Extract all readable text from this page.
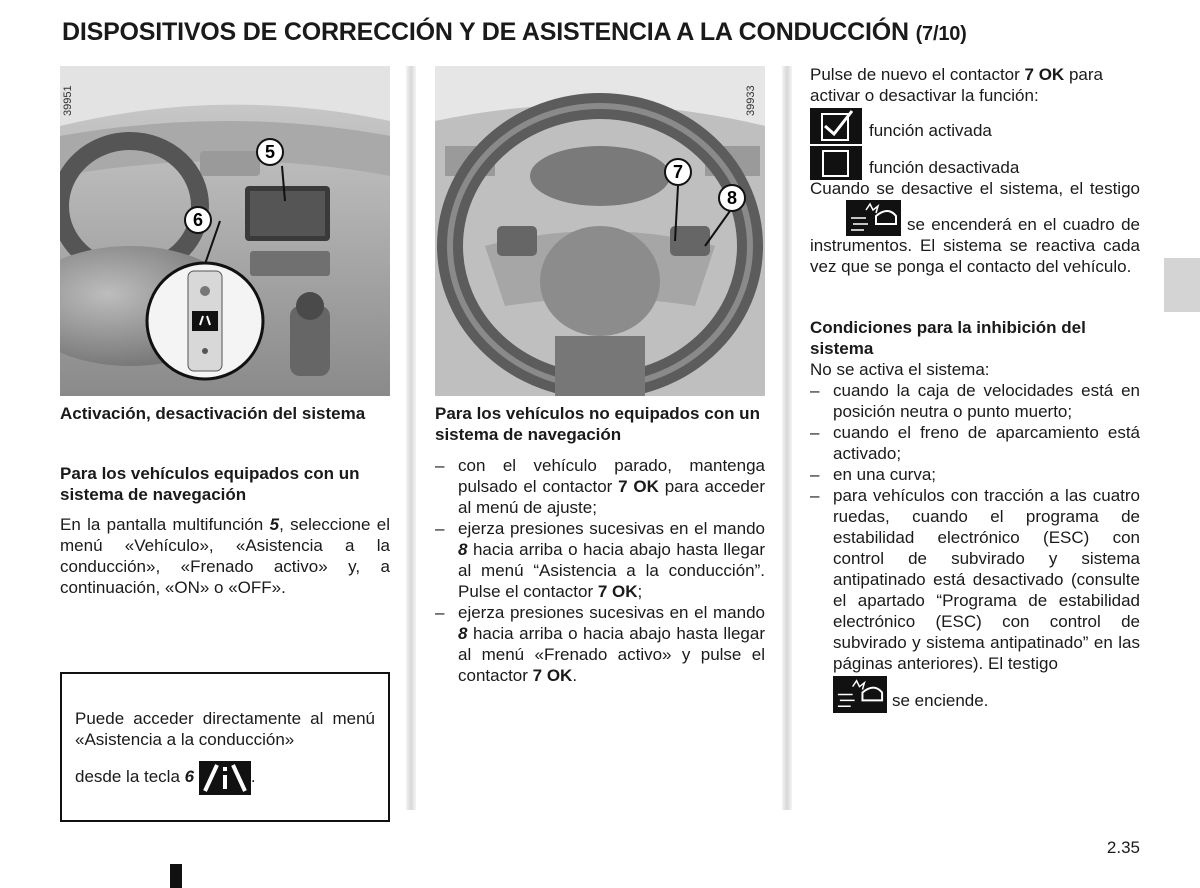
DISPOSITIVOS DE CORRECCIÓN Y DE ASISTENCIA A LA CONDUCCIÓN (7/10)
5
6
39951
7
8
39933
Activación, desactivación del sistema
Para los vehículos equipados con un sistema de navegación
En la pantalla multifunción 5, seleccione el menú «Vehículo», «Asistencia a la conducción», «Frenado activo» y, a continuación, «ON» o «OFF».
Puede acceder directamente al menú «Asistencia a la conducción»
desde la tecla 6	.
Para los vehículos no equipados con un sistema de navegación
– con el vehículo parado, mantenga pulsado el contactor 7 OK para acceder al menú de ajuste;
– ejerza presiones sucesivas en el mando 8 hacia arriba o hacia abajo hasta llegar al menú “Asistencia a la conducción”. Pulse el contactor 7 OK;
– ejerza presiones sucesivas en el mando 8 hacia arriba o hacia abajo hasta llegar al menú «Frenado activo» y pulse el contactor 7 OK.
Pulse de nuevo el contactor 7 OK para activar o desactivar la función:
función activada
función desactivada
Cuando se desactive el sistema, el testigo
se encenderá en el cuadro de instrumentos. El sistema se reactiva cada vez que se ponga el contacto del vehículo.
Condiciones para la inhibición del sistema
No se activa el sistema:
– cuando la caja de velocidades está en posición neutra o punto muerto;
– cuando el freno de aparcamiento está activado;
– en una curva;
– para vehículos con tracción a las cuatro ruedas, cuando el programa de estabilidad electrónico (ESC) con control de subvirado y sistema antipatinado está desactivado (consulte el apartado “Programa de estabilidad electrónico (ESC) con control de subvirado y sistema antipatinado” en las páginas anteriores). El testigo
se enciende.
2.35
